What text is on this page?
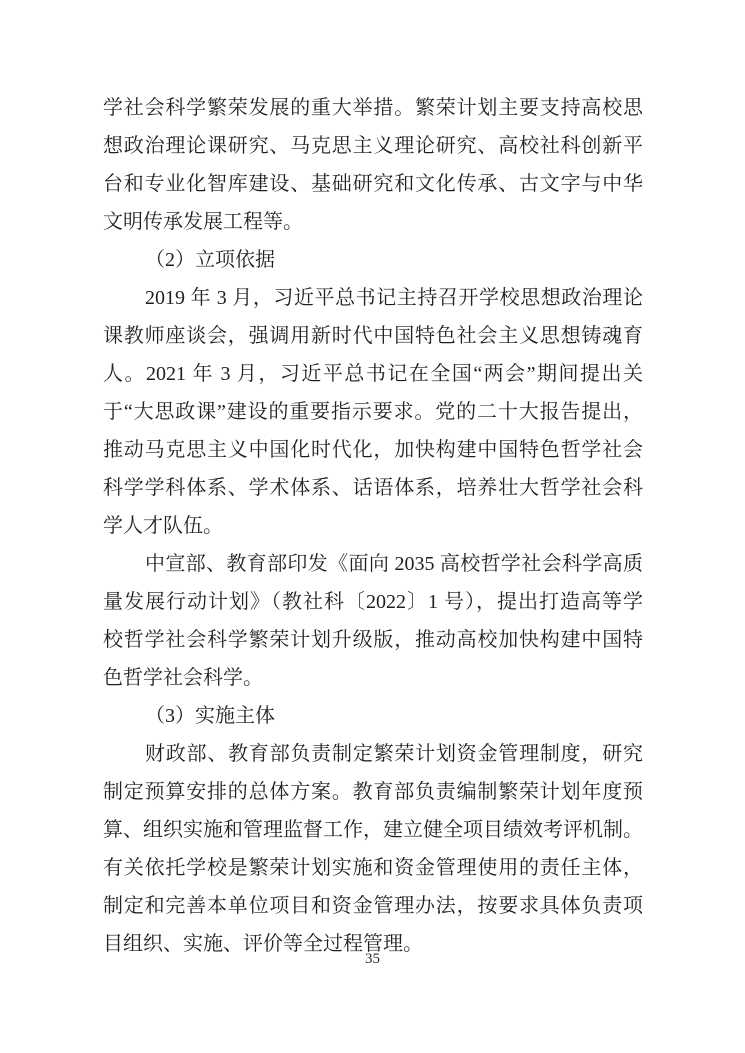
学社会科学繁荣发展的重大举措。繁荣计划主要支持高校思
想政治理论课研究、马克思主义理论研究、高校社科创新平
台和专业化智库建设、基础研究和文化传承、古文字与中华
文明传承发展工程等。
（2）立项依据
2019 年 3 月，习近平总书记主持召开学校思想政治理论
课教师座谈会，强调用新时代中国特色社会主义思想铸魂育
人。2021 年 3 月，习近平总书记在全国“两会”期间提出关
于“大思政课”建设的重要指示要求。党的二十大报告提出，
推动马克思主义中国化时代化，加快构建中国特色哲学社会
科学学科体系、学术体系、话语体系，培养壮大哲学社会科
学人才队伍。
中宣部、教育部印发《面向 2035 高校哲学社会科学高质
量发展行动计划》（教社科〔2022〕1 号），提出打造高等学
校哲学社会科学繁荣计划升级版，推动高校加快构建中国特
色哲学社会科学。
（3）实施主体
财政部、教育部负责制定繁荣计划资金管理制度，研究
制定预算安排的总体方案。教育部负责编制繁荣计划年度预
算、组织实施和管理监督工作，建立健全项目绩效考评机制。
有关依托学校是繁荣计划实施和资金管理使用的责任主体，
制定和完善本单位项目和资金管理办法，按要求具体负责项
目组织、实施、评价等全过程管理。
35
